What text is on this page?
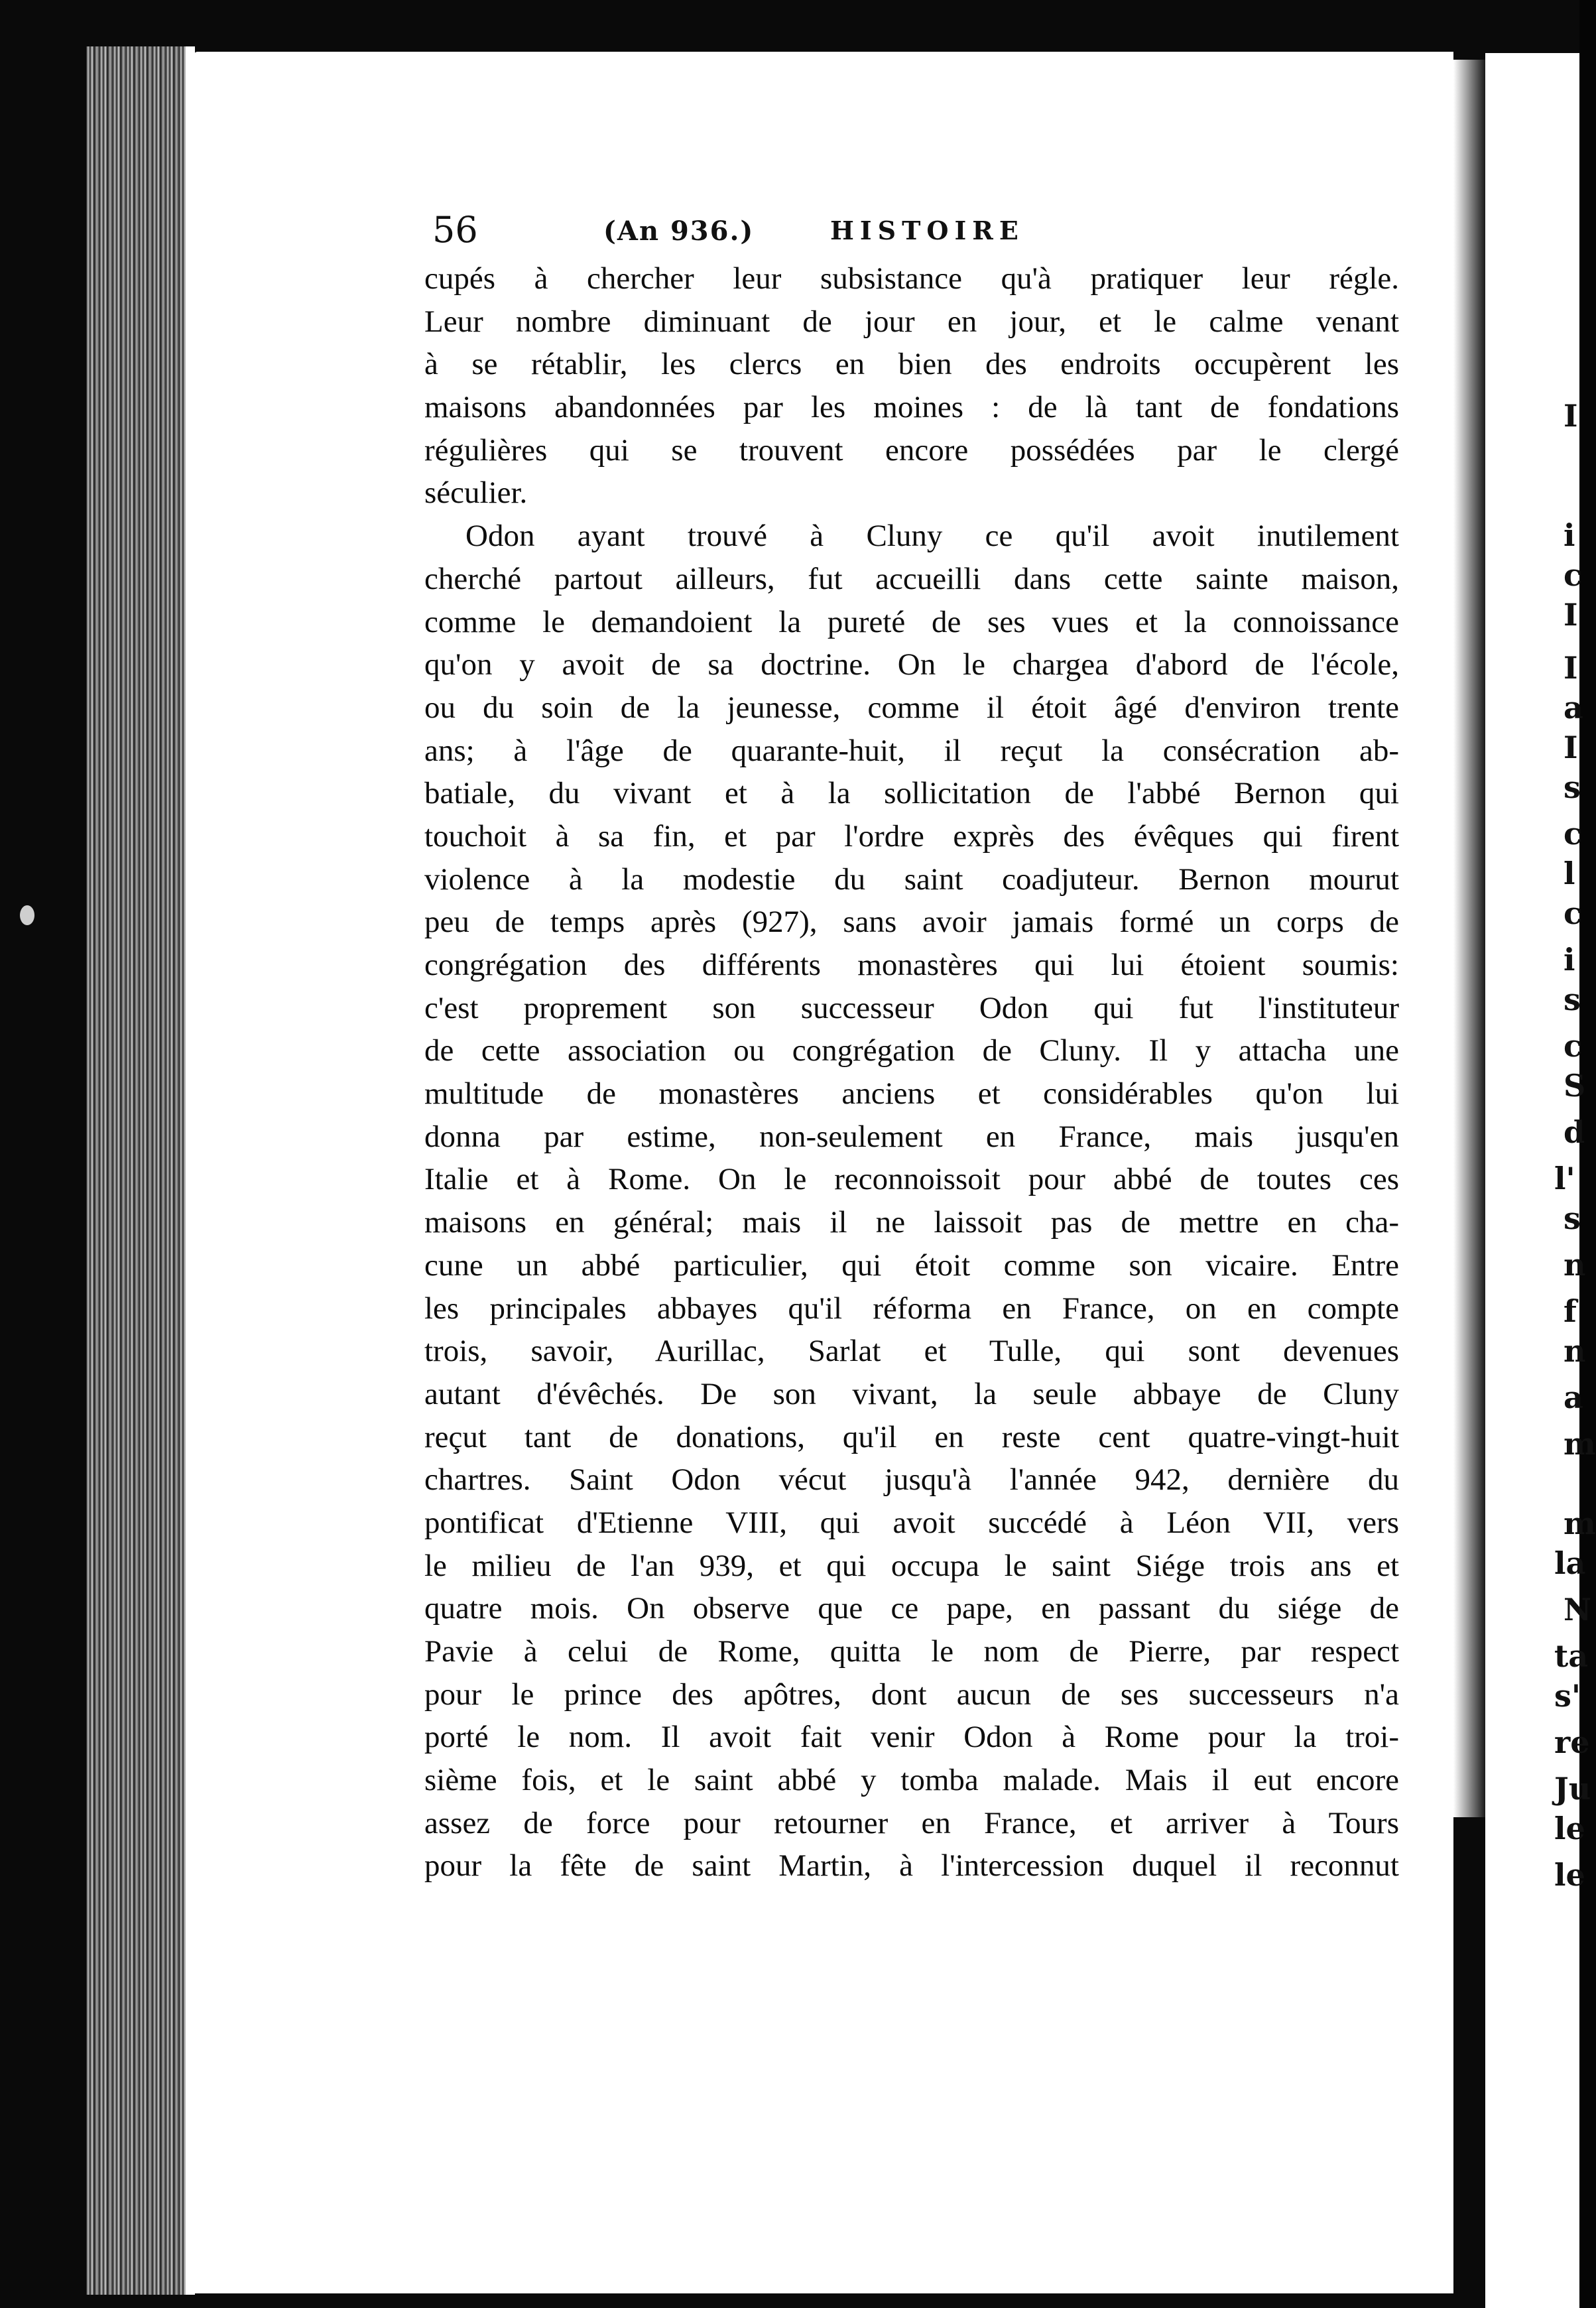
56	(An 936.)	HISTOIRE
cupés à chercher leur subsistance qu'à pratiquer leur régle.
Leur nombre diminuant de jour en jour, et le calme venant
à se rétablir, les clercs en bien des endroits occupèrent les
maisons abandonnées par les moines : de là tant de fondations
régulières qui se trouvent encore possédées par le clergé
séculier.
Odon ayant trouvé à Cluny ce qu'il avoit inutilement
cherché partout ailleurs, fut accueilli dans cette sainte maison,
comme le demandoient la pureté de ses vues et la connoissance
qu'on y avoit de sa doctrine. On le chargea d'abord de l'école,
ou du soin de la jeunesse, comme il étoit âgé d'environ trente
ans; à l'âge de quarante-huit, il reçut la consécration ab-
batiale, du vivant et à la sollicitation de l'abbé Bernon qui
touchoit à sa fin, et par l'ordre exprès des évêques qui firent
violence à la modestie du saint coadjuteur. Bernon mourut
peu de temps après (927), sans avoir jamais formé un corps de
congrégation des différents monastères qui lui étoient soumis:
c'est proprement son successeur Odon qui fut l'instituteur
de cette association ou congrégation de Cluny. Il y attacha une
multitude de monastères anciens et considérables qu'on lui
donna par estime, non-seulement en France, mais jusqu'en
Italie et à Rome. On le reconnoissoit pour abbé de toutes ces
maisons en général; mais il ne laissoit pas de mettre en cha-
cune un abbé particulier, qui étoit comme son vicaire. Entre
les principales abbayes qu'il réforma en France, on en compte
trois, savoir, Aurillac, Sarlat et Tulle, qui sont devenues
autant d'évêchés. De son vivant, la seule abbaye de Cluny
reçut tant de donations, qu'il en reste cent quatre-vingt-huit
chartres. Saint Odon vécut jusqu'à l'année 942, dernière du
pontificat d'Etienne VIII, qui avoit succédé à Léon VII, vers
le milieu de l'an 939, et qui occupa le saint Siége trois ans et
quatre mois. On observe que ce pape, en passant du siége de
Pavie à celui de Rome, quitta le nom de Pierre, par respect
pour le prince des apôtres, dont aucun de ses successeurs n'a
porté le nom. Il avoit fait venir Odon à Rome pour la troi-
sième fois, et le saint abbé y tomba malade. Mais il eut encore
assez de force pour retourner en France, et arriver à Tours
pour la fête de saint Martin, à l'intercession duquel il reconnut
I
i
c
I
I
a
I
s
c
l
c
i
s
c
S
d
l'
s
n
f
n
a
m
m
la
N
ta
s'
re
Ju
le
le
